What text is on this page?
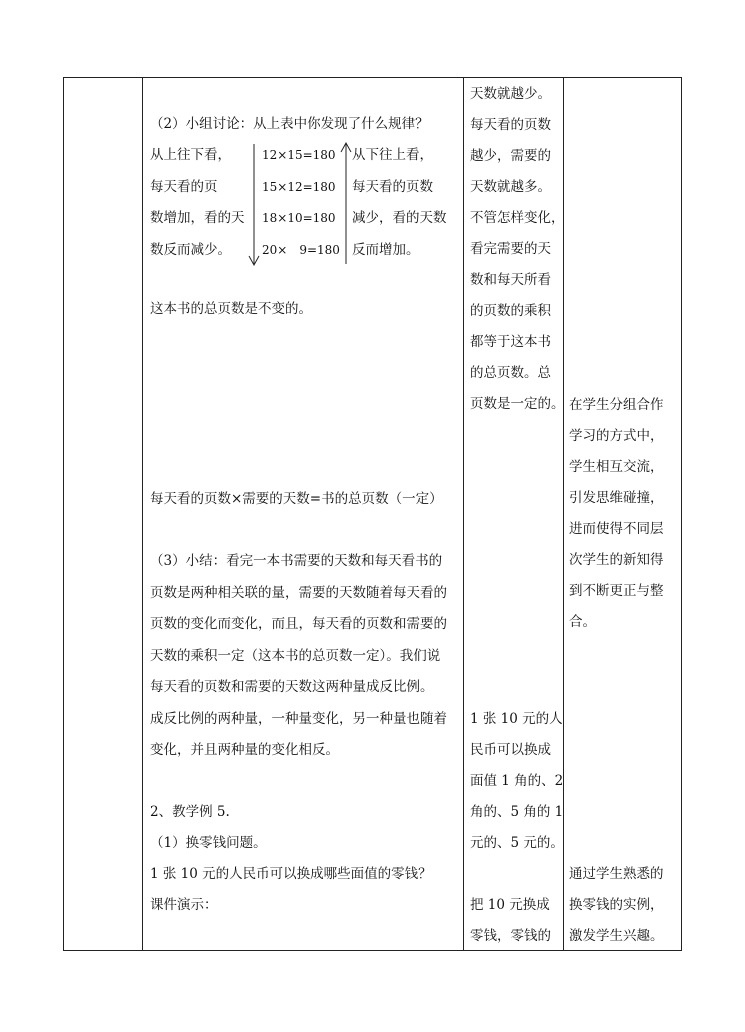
（2）小组讨论：从上表中你发现了什么规律？
从上往下看，
每天看的页
数增加，看的天
数反而减少。
12×15=180
15×12=180
18×10=180
20×　9=180
从下往上看，
每天看的页数
减少，看的天数
反而增加。
这本书的总页数是不变的。
每天看的页数×需要的天数=书的总页数（一定）
（3）小结：看完一本书需要的天数和每天看书的
页数是两种相关联的量，需要的天数随着每天看的
页数的变化而变化，而且，每天看的页数和需要的
天数的乘积一定（这本书的总页数一定）。我们说
每天看的页数和需要的天数这两种量成反比例。
成反比例的两种量，一种量变化，另一种量也随着
变化，并且两种量的变化相反。
2、教学例 5.
（1）换零钱问题。
1 张 10 元的人民币可以换成哪些面值的零钱？
课件演示：
天数就越少。
每天看的页数
越少，需要的
天数就越多。
不管怎样变化，
看完需要的天
数和每天所看
的页数的乘积
都等于这本书
的总页数。总
页数是一定的。
1 张 10 元的人
民币可以换成
面值 1 角的、2
角的、5 角的 1
元的、5 元的。
把 10 元换成
零钱，零钱的
在学生分组合作
学习的方式中，
学生相互交流，
引发思维碰撞，
进而使得不同层
次学生的新知得
到不断更正与整
合。
通过学生熟悉的
换零钱的实例，
激发学生兴趣。
